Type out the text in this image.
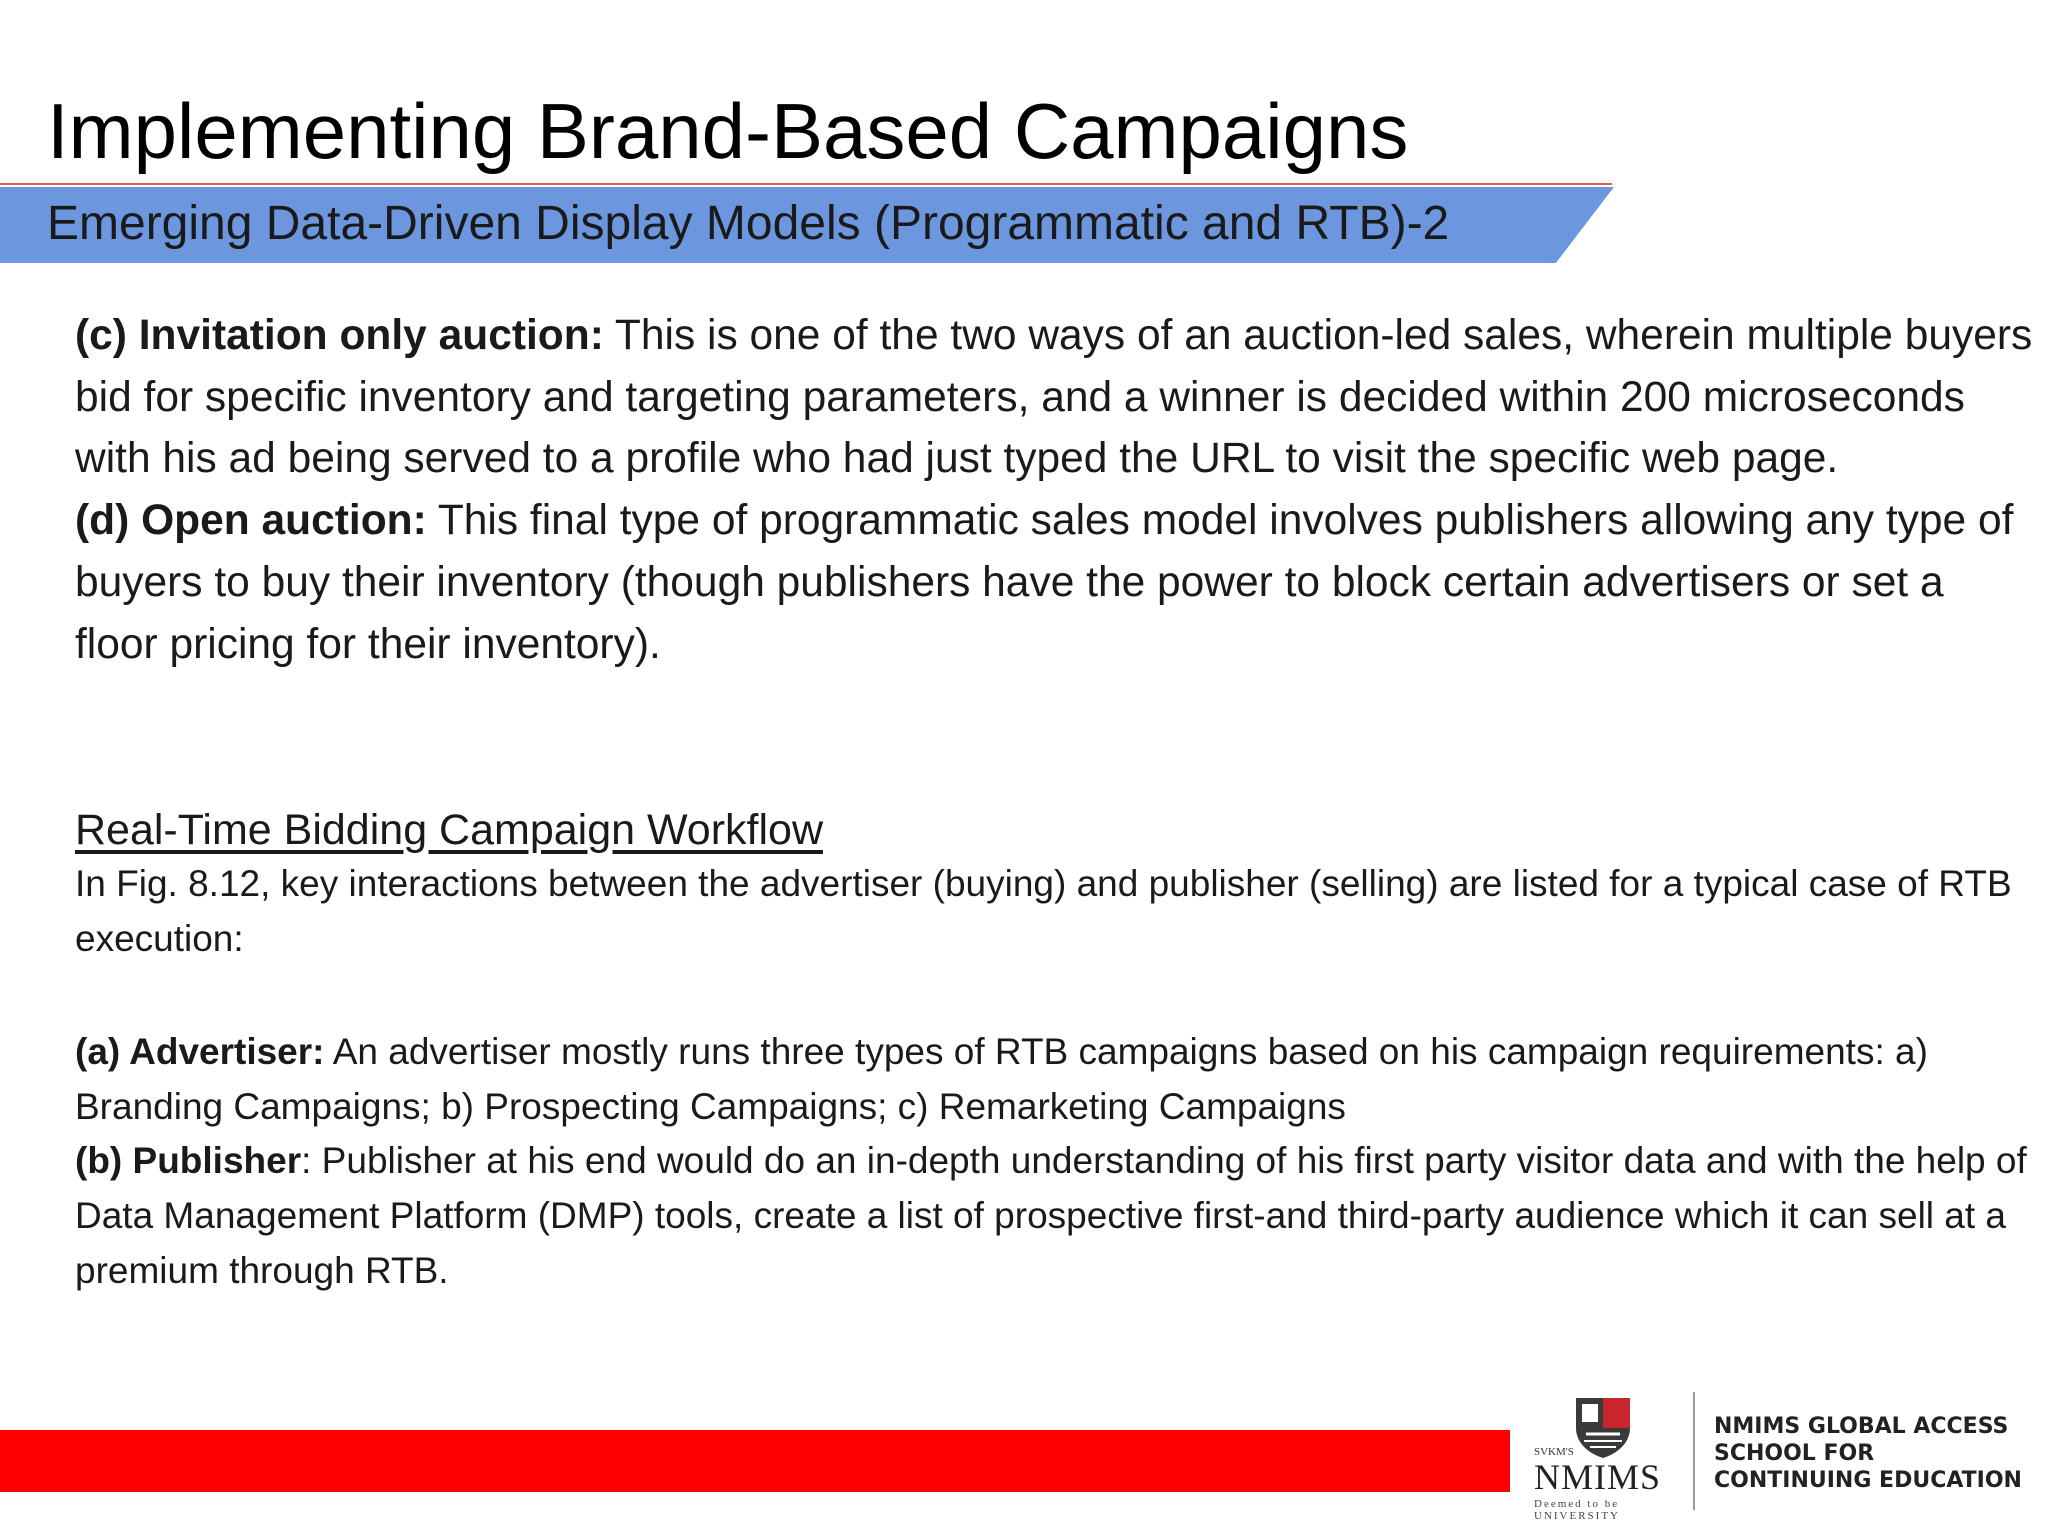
Implementing Brand-Based Campaigns
Emerging Data-Driven Display Models (Programmatic and RTB)-2

(c) Invitation only auction: This is one of the two ways of an auction-led sales, wherein multiple buyers bid for specific inventory and targeting parameters, and a winner is decided within 200 microseconds with his ad being served to a profile who had just typed the URL to visit the specific web page.

(d) Open auction: This final type of programmatic sales model involves publishers allowing any type of buyers to buy their inventory (though publishers have the power to block certain advertisers or set a floor pricing for their inventory).

Real-Time Bidding Campaign Workflow

In Fig. 8.12, key interactions between the advertiser (buying) and publisher (selling) are listed for a typical case of RTB execution:

(a) Advertiser: An advertiser mostly runs three types of RTB campaigns based on his campaign requirements: a) Branding Campaigns; b) Prospecting Campaigns; c) Remarketing Campaigns

(b) Publisher: Publisher at his end would do an in-depth understanding of his first party visitor data and with the help of Data Management Platform (DMP) tools, create a list of prospective first-and third-party audience which it can sell at a premium through RTB.

SVKM'S
NMIMS
Deemed to be UNIVERSITY
NMIMS GLOBAL ACCESS
SCHOOL FOR
CONTINUING EDUCATION
